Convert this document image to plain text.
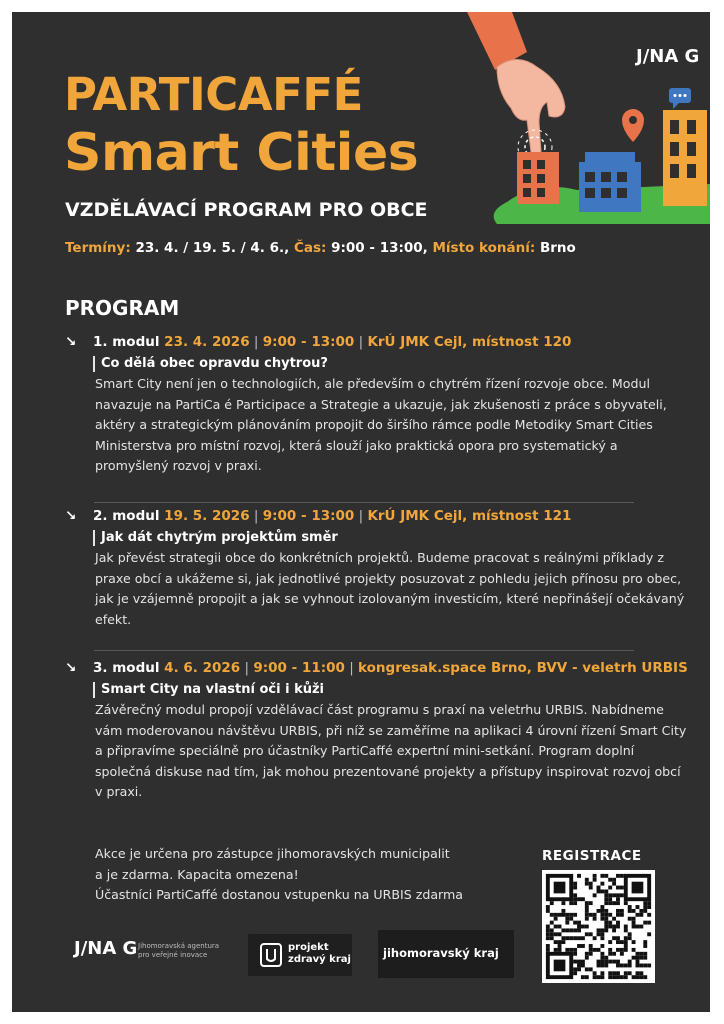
J/NA G
PARTICAFFÉ
Smart Cities
VZDĚLÁVACÍ PROGRAM PRO OBCE
Termíny: 23. 4. / 19. 5. / 4. 6., Čas: 9:00 - 13:00, Místo konání: Brno
PROGRAM
↘ 1. modul 23. 4. 2026 | 9:00 - 13:00 | KrÚ JMK Cejl, místnost 120
Co dělá obec opravdu chytrou?
Smart City není jen o technologiích, ale především o chytrém řízení rozvoje obce. Modul navazuje na PartiCa é Participace a Strategie a ukazuje, jak zkušenosti z práce s obyvateli, aktéry a strategickým plánováním propojit do širšího rámce podle Metodiky Smart Cities Ministerstva pro místní rozvoj, která slouží jako praktická opora pro systematický a promyšlený rozvoj v praxi.
↘ 2. modul 19. 5. 2026 | 9:00 - 13:00 | KrÚ JMK Cejl, místnost 121
Jak dát chytrým projektům směr
Jak převést strategii obce do konkrétních projektů. Budeme pracovat s reálnými příklady z praxe obcí a ukážeme si, jak jednotlivé projekty posuzovat z pohledu jejich přínosu pro obec, jak je vzájemně propojit a jak se vyhnout izolovaným investicím, které nepřinášejí očekávaný efekt.
↘ 3. modul 4. 6. 2026 | 9:00 - 11:00 | kongresak.space Brno, BVV - veletrh URBIS
Smart City na vlastní oči i kůži
Závěrečný modul propojí vzdělávací část programu s praxí na veletrhu URBIS. Nabídneme vám moderovanou návštěvu URBIS, při níž se zaměříme na aplikaci 4 úrovní řízení Smart City a připravíme speciálně pro účastníky PartiCaffé expertní mini-setkání. Program doplní společná diskuse nad tím, jak mohou prezentované projekty a přístupy inspirovat rozvoj obcí v praxi.
Akce je určena pro zástupce jihomoravských municipalit
a je zdarma. Kapacita omezena!
Účastníci PartiCaffé dostanou vstupenku na URBIS zdarma
REGISTRACE
J/NA G Jihomoravská agentura
pro veřejné inovace
projekt
zdravý kraj	jihomoravský kraj
